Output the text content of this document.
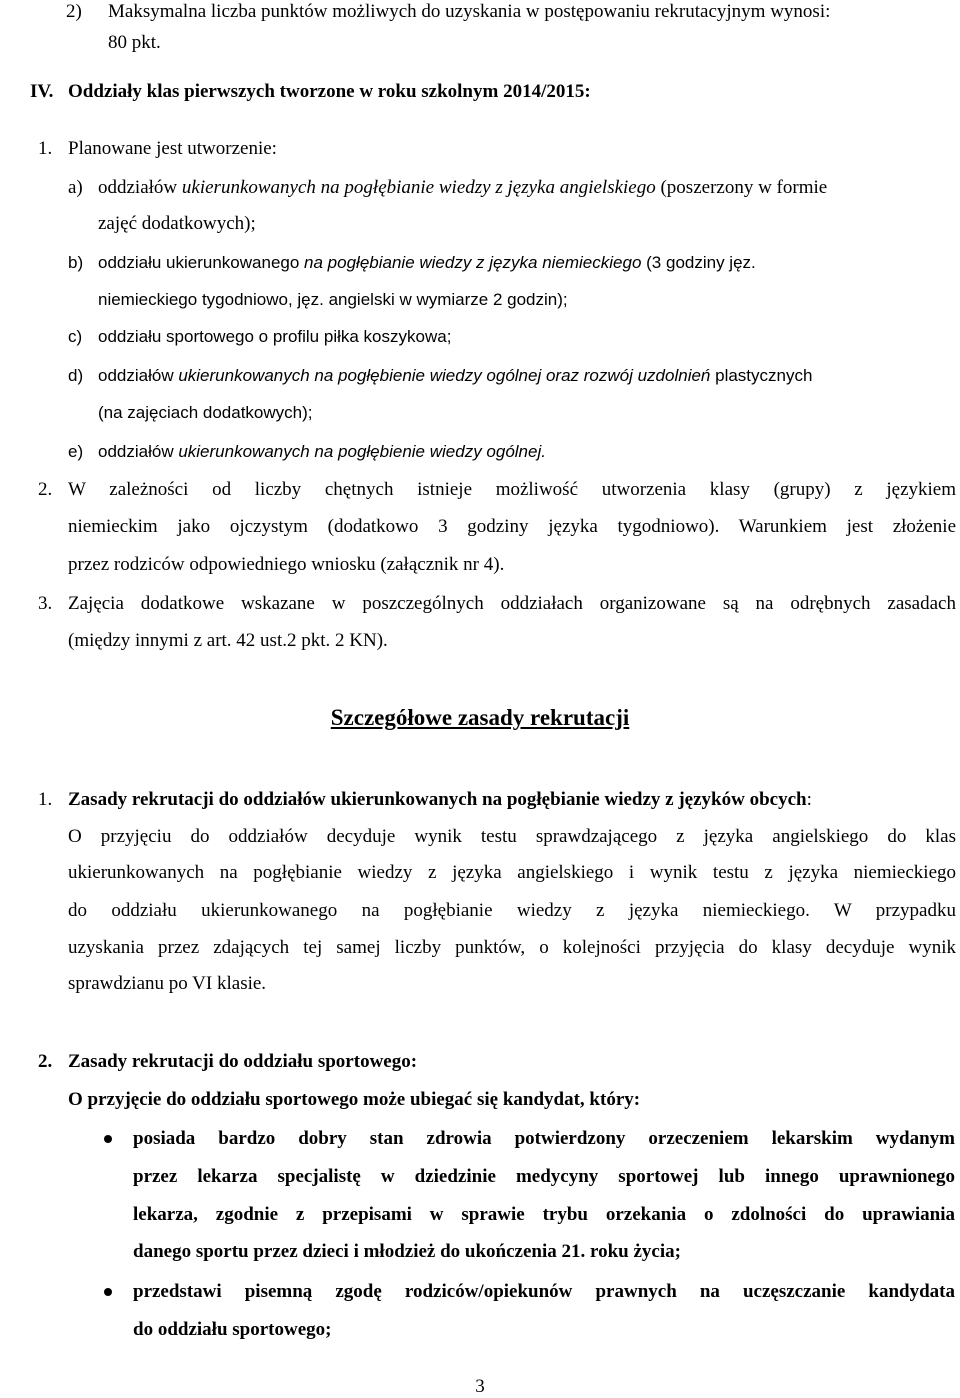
2) Maksymalna liczba punktów możliwych do uzyskania w postępowaniu rekrutacyjnym wynosi:
80 pkt.
IV. Oddziały klas pierwszych tworzone w roku szkolnym 2014/2015:
1. Planowane jest utworzenie:
a) oddziałów ukierunkowanych na pogłębianie wiedzy z języka angielskiego (poszerzony w formie
zajęć dodatkowych);
b) oddziału ukierunkowanego na pogłębianie wiedzy z języka niemieckiego (3 godziny jęz.
niemieckiego tygodniowo, jęz. angielski w wymiarze 2 godzin);
c) oddziału sportowego o profilu piłka koszykowa;
d) oddziałów ukierunkowanych na pogłębienie wiedzy ogólnej oraz rozwój uzdolnień plastycznych
(na zajęciach dodatkowych);
e) oddziałów ukierunkowanych na pogłębienie wiedzy ogólnej.
2. W zależności od liczby chętnych istnieje możliwość utworzenia klasy (grupy) z językiem
niemieckim jako ojczystym (dodatkowo 3 godziny języka tygodniowo). Warunkiem jest złożenie
przez rodziców odpowiedniego wniosku (załącznik nr 4).
3. Zajęcia dodatkowe wskazane w poszczególnych oddziałach organizowane są na odrębnych zasadach
(między innymi z art. 42 ust.2 pkt. 2 KN).
Szczegółowe zasady rekrutacji
1. Zasady rekrutacji do oddziałów ukierunkowanych na pogłębianie wiedzy z języków obcych:
O przyjęciu do oddziałów decyduje wynik testu sprawdzającego z języka angielskiego do klas
ukierunkowanych na pogłębianie wiedzy z języka angielskiego i wynik testu z języka niemieckiego
do oddziału ukierunkowanego na pogłębianie wiedzy z języka niemieckiego. W przypadku
uzyskania przez zdających tej samej liczby punktów, o kolejności przyjęcia do klasy decyduje wynik
sprawdzianu po VI klasie.
2. Zasady rekrutacji do oddziału sportowego:
O przyjęcie do oddziału sportowego może ubiegać się kandydat, który:
posiada bardzo dobry stan zdrowia potwierdzony orzeczeniem lekarskim wydanym
przez lekarza specjalistę w dziedzinie medycyny sportowej lub innego uprawnionego
lekarza, zgodnie z przepisami w sprawie trybu orzekania o zdolności do uprawiania
danego sportu przez dzieci i młodzież do ukończenia 21. roku życia;
przedstawi pisemną zgodę rodziców/opiekunów prawnych na uczęszczanie kandydata
do oddziału sportowego;
3
